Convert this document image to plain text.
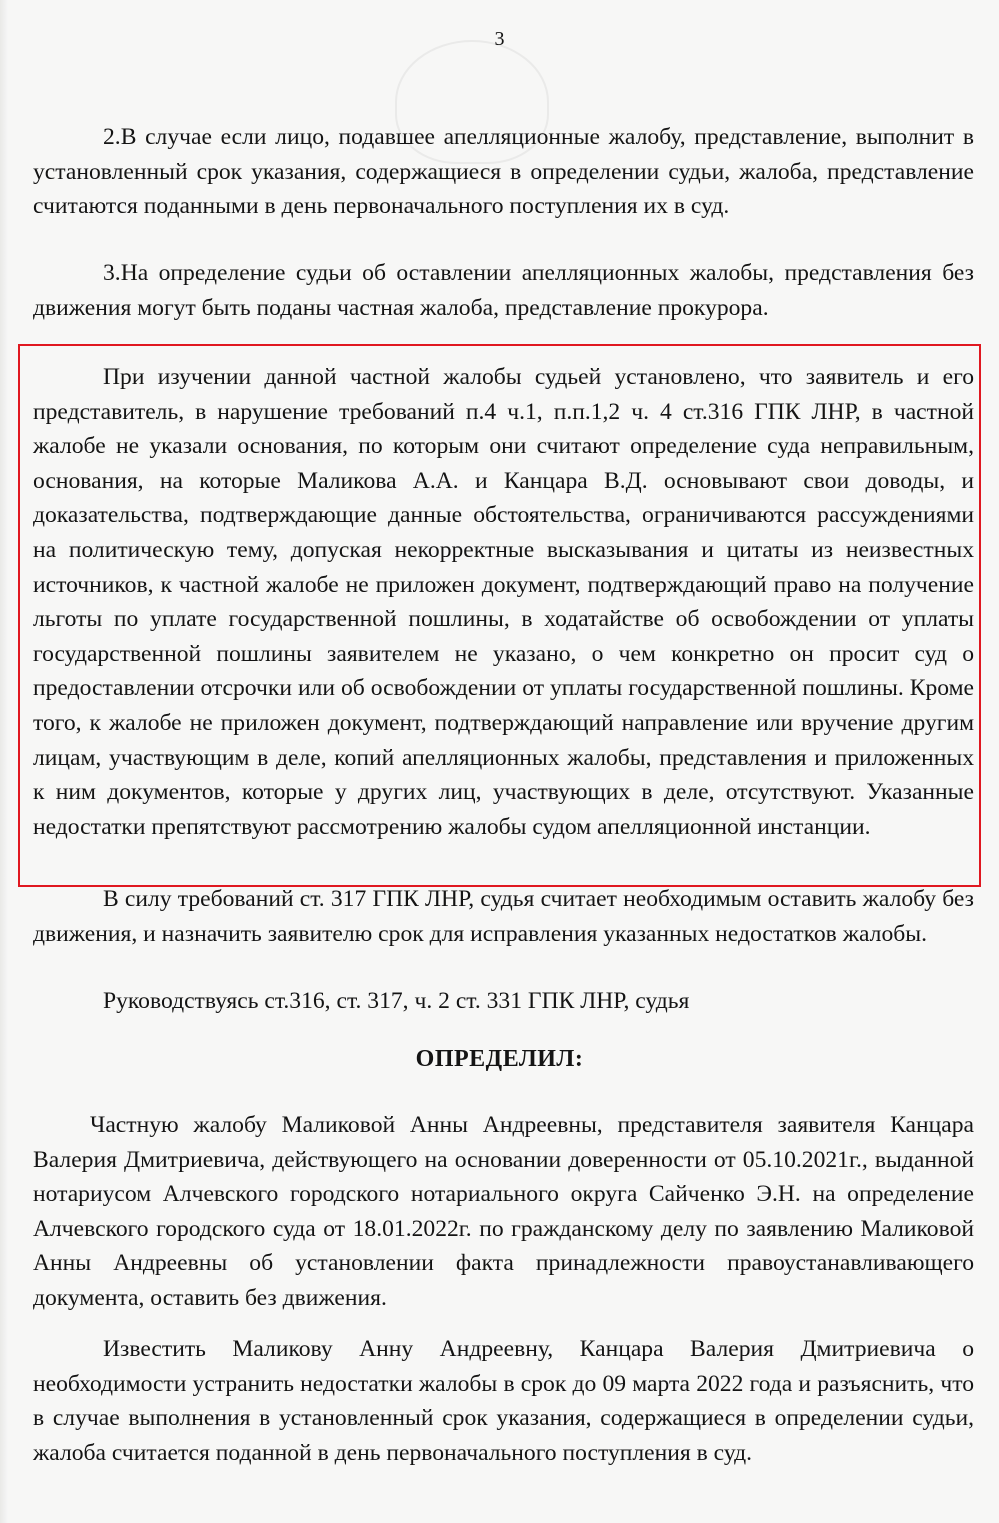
3

2.В случае если лицо, подавшее апелляционные жалобу, представление, выполнит в установленный срок указания, содержащиеся в определении судьи, жалоба, представление считаются поданными в день первоначального поступления их в суд.

3.На определение судьи об оставлении апелляционных жалобы, представления без движения могут быть поданы частная жалоба, представление прокурора.

При изучении данной частной жалобы судьей установлено, что заявитель и его представитель, в нарушение требований п.4 ч.1, п.п.1,2 ч. 4 ст.316 ГПК ЛНР, в частной жалобе не указали основания, по которым они считают определение суда неправильным, основания, на которые Маликова А.А. и Канцара В.Д. основывают свои доводы, и доказательства, подтверждающие данные обстоятельства, ограничиваются рассуждениями на политическую тему, допуская некорректные высказывания и цитаты из неизвестных источников, к частной жалобе не приложен документ, подтверждающий право на получение льготы по уплате государственной пошлины, в ходатайстве об освобождении от уплаты государственной пошлины заявителем не указано, о чем конкретно он просит суд о предоставлении отсрочки или об освобождении от уплаты государственной пошлины. Кроме того, к жалобе не приложен документ, подтверждающий направление или вручение другим лицам, участвующим в деле, копий апелляционных жалобы, представления и приложенных к ним документов, которые у других лиц, участвующих в деле, отсутствуют. Указанные недостатки препятствуют рассмотрению жалобы судом апелляционной инстанции.

В силу требований ст. 317 ГПК ЛНР, судья считает необходимым оставить жалобу без движения, и назначить заявителю срок для исправления указанных недостатков жалобы.

Руководствуясь ст.316, ст. 317, ч. 2 ст. 331 ГПК ЛНР, судья

ОПРЕДЕЛИЛ:

Частную жалобу Маликовой Анны Андреевны, представителя заявителя Канцара Валерия Дмитриевича, действующего на основании доверенности от 05.10.2021г., выданной нотариусом Алчевского городского нотариального округа Сайченко Э.Н. на определение Алчевского городского суда от 18.01.2022г. по гражданскому делу по заявлению Маликовой Анны Андреевны об установлении факта принадлежности правоустанавливающего документа, оставить без движения.

Известить Маликову Анну Андреевну, Канцара Валерия Дмитриевича о необходимости устранить недостатки жалобы в срок до 09 марта 2022 года и разъяснить, что в случае выполнения в установленный срок указания, содержащиеся в определении судьи, жалоба считается поданной в день первоначального поступления в суд.
